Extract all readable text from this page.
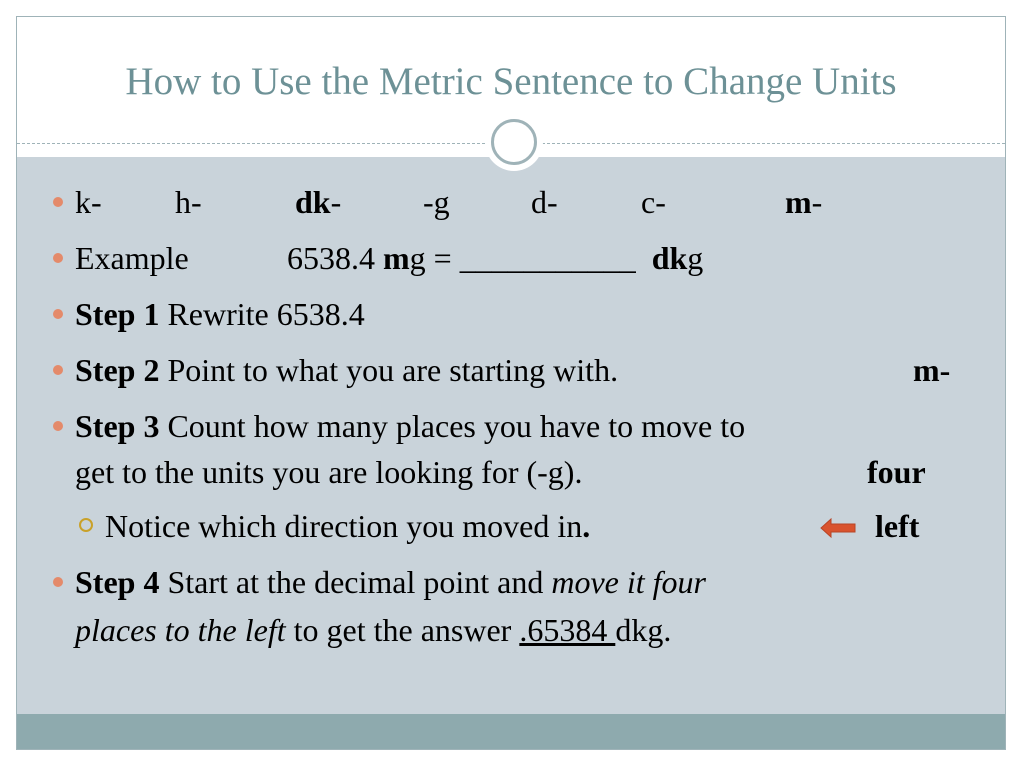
How to Use the Metric Sentence to Change Units
k- h-	dk-	-g	d-	c-	m-
Example	6538.4 mg = ___________ dkg
Step 1 Rewrite 6538.4
Step 2 Point to what you are starting with.	m-
Step 3 Count how many places you have to move to
get to the units you are looking for (-g).	four
Notice which direction you moved in.	left
Step 4 Start at the decimal point and move it four
places to the left to get the answer .65384 dkg.
